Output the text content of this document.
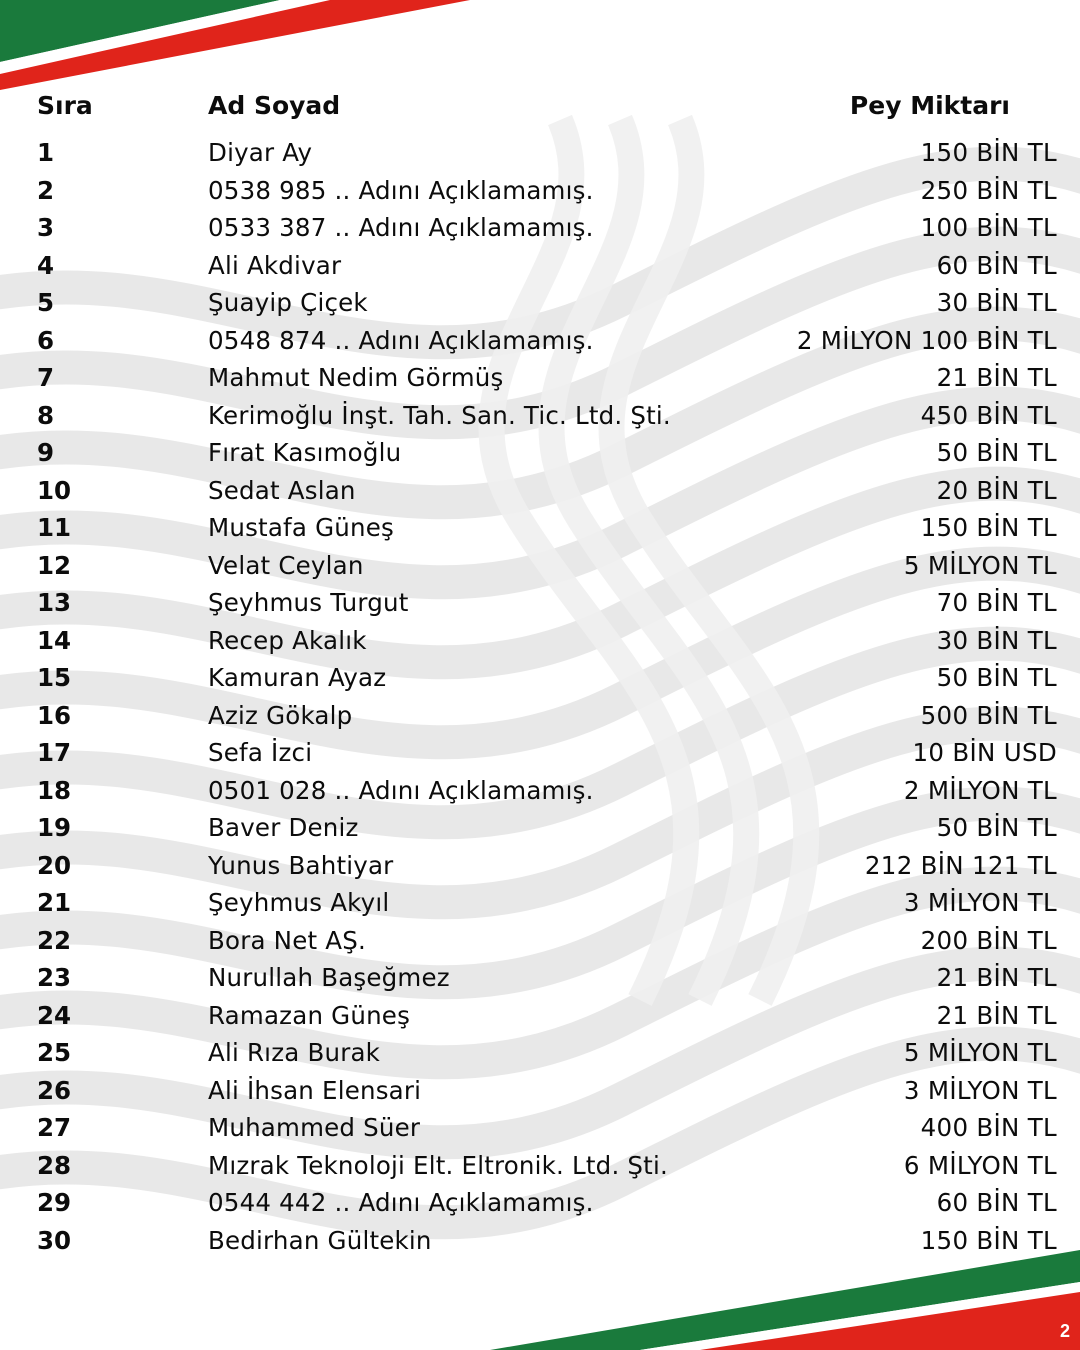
Sıra	Ad Soyad	Pey Miktarı
1	Diyar Ay	150 BİN TL
2	0538 985 .. Adını Açıklamamış.	250 BİN TL
3	0533 387 .. Adını Açıklamamış.	100 BİN TL
4	Ali Akdivar	60 BİN TL
5	Şuayip Çiçek	30 BİN TL
6	0548 874 .. Adını Açıklamamış.	2 MİLYON 100 BİN TL
7	Mahmut Nedim Görmüş	21 BİN TL
8	Kerimoğlu İnşt. Tah. San. Tic. Ltd. Şti.	450 BİN TL
9	Fırat Kasımoğlu	50 BİN TL
10	Sedat Aslan	20 BİN TL
11	Mustafa Güneş	150 BİN TL
12	Velat Ceylan	5 MİLYON TL
13	Şeyhmus Turgut	70 BİN TL
14	Recep Akalık	30 BİN TL
15	Kamuran Ayaz	50 BİN TL
16	Aziz Gökalp	500 BİN TL
17	Sefa İzci	10 BİN USD
18	0501 028 .. Adını Açıklamamış.	2 MİLYON TL
19	Baver Deniz	50 BİN TL
20	Yunus Bahtiyar	212 BİN 121 TL
21	Şeyhmus Akyıl	3 MİLYON TL
22	Bora Net AŞ.	200 BİN TL
23	Nurullah Başeğmez	21 BİN TL
24	Ramazan Güneş	21 BİN TL
25	Ali Rıza Burak	5 MİLYON TL
26	Ali İhsan Elensari	3 MİLYON TL
27	Muhammed Süer	400 BİN TL
28	Mızrak Teknoloji Elt. Eltronik. Ltd. Şti.	6 MİLYON TL
29	0544 442 .. Adını Açıklamamış.	60 BİN TL
30	Bedirhan Gültekin	150 BİN TL
2
